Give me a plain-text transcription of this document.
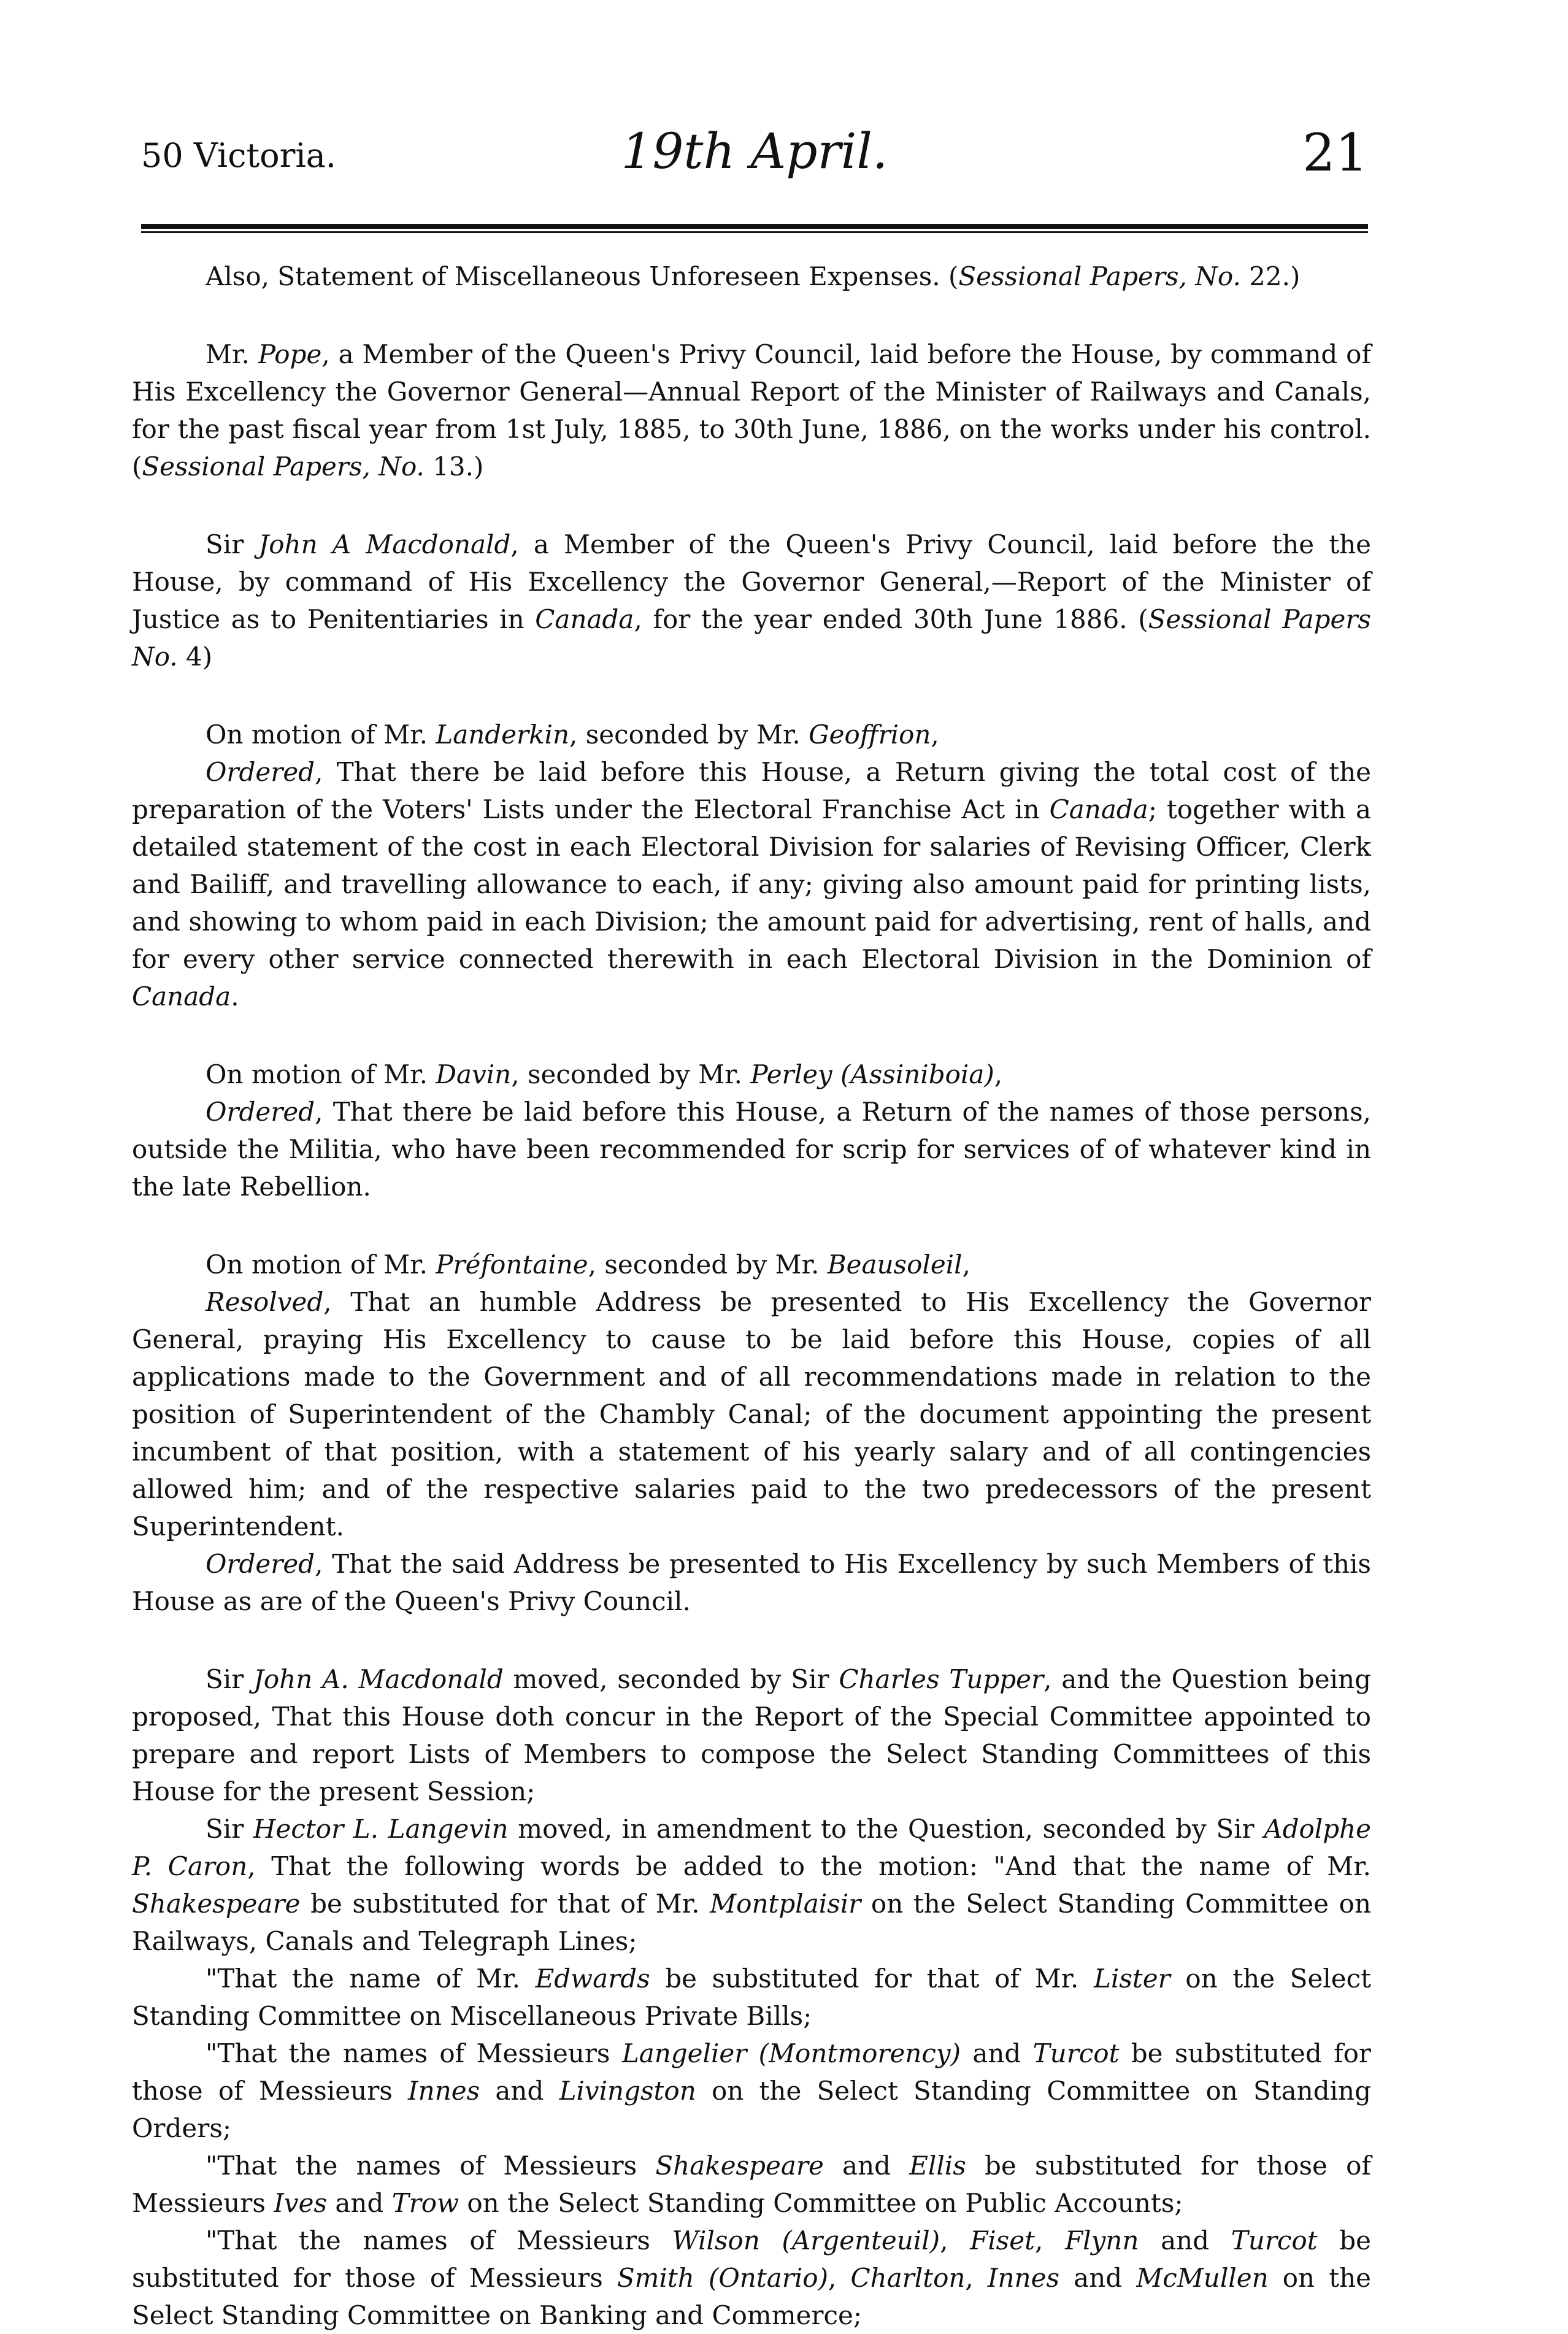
50 Victoria.	19th April.	21

Also, Statement of Miscellaneous Unforeseen Expenses. (Sessional Papers, No. 22.)

Mr. Pope, a Member of the Queen's Privy Council, laid before the House, by command of His Excellency the Governor General—Annual Report of the Minister of Railways and Canals, for the past fiscal year from 1st July, 1885, to 30th June, 1886, on the works under his control. (Sessional Papers, No. 13.)

Sir John A Macdonald, a Member of the Queen's Privy Council, laid before the the House, by command of His Excellency the Governor General,—Report of the Minister of Justice as to Penitentiaries in Canada, for the year ended 30th June 1886. (Sessional Papers No. 4)

On motion of Mr. Landerkin, seconded by Mr. Geoffrion,

Ordered, That there be laid before this House, a Return giving the total cost of the preparation of the Voters' Lists under the Electoral Franchise Act in Canada; together with a detailed statement of the cost in each Electoral Division for salaries of Revising Officer, Clerk and Bailiff, and travelling allowance to each, if any; giving also amount paid for printing lists, and showing to whom paid in each Division; the amount paid for advertising, rent of halls, and for every other service connected therewith in each Electoral Division in the Dominion of Canada.

On motion of Mr. Davin, seconded by Mr. Perley (Assiniboia),

Ordered, That there be laid before this House, a Return of the names of those persons, outside the Militia, who have been recommended for scrip for services of of whatever kind in the late Rebellion.

On motion of Mr. Préfontaine, seconded by Mr. Beausoleil,

Resolved, That an humble Address be presented to His Excellency the Governor General, praying His Excellency to cause to be laid before this House, copies of all applications made to the Government and of all recommendations made in relation to the position of Superintendent of the Chambly Canal; of the document appointing the present incumbent of that position, with a statement of his yearly salary and of all contingencies allowed him; and of the respective salaries paid to the two predecessors of the present Superintendent.

Ordered, That the said Address be presented to His Excellency by such Members of this House as are of the Queen's Privy Council.

Sir John A. Macdonald moved, seconded by Sir Charles Tupper, and the Question being proposed, That this House doth concur in the Report of the Special Committee appointed to prepare and report Lists of Members to compose the Select Standing Committees of this House for the present Session;

Sir Hector L. Langevin moved, in amendment to the Question, seconded by Sir Adolphe P. Caron, That the following words be added to the motion: "And that the name of Mr. Shakespeare be substituted for that of Mr. Montplaisir on the Select Standing Committee on Railways, Canals and Telegraph Lines;

"That the name of Mr. Edwards be substituted for that of Mr. Lister on the Select Standing Committee on Miscellaneous Private Bills;

"That the names of Messieurs Langelier (Montmorency) and Turcot be substituted for those of Messieurs Innes and Livingston on the Select Standing Committee on Standing Orders;

"That the names of Messieurs Shakespeare and Ellis be substituted for those of Messieurs Ives and Trow on the Select Standing Committee on Public Accounts;

"That the names of Messieurs Wilson (Argenteuil), Fiset, Flynn and Turcot be substituted for those of Messieurs Smith (Ontario), Charlton, Innes and McMullen on the Select Standing Committee on Banking and Commerce;
